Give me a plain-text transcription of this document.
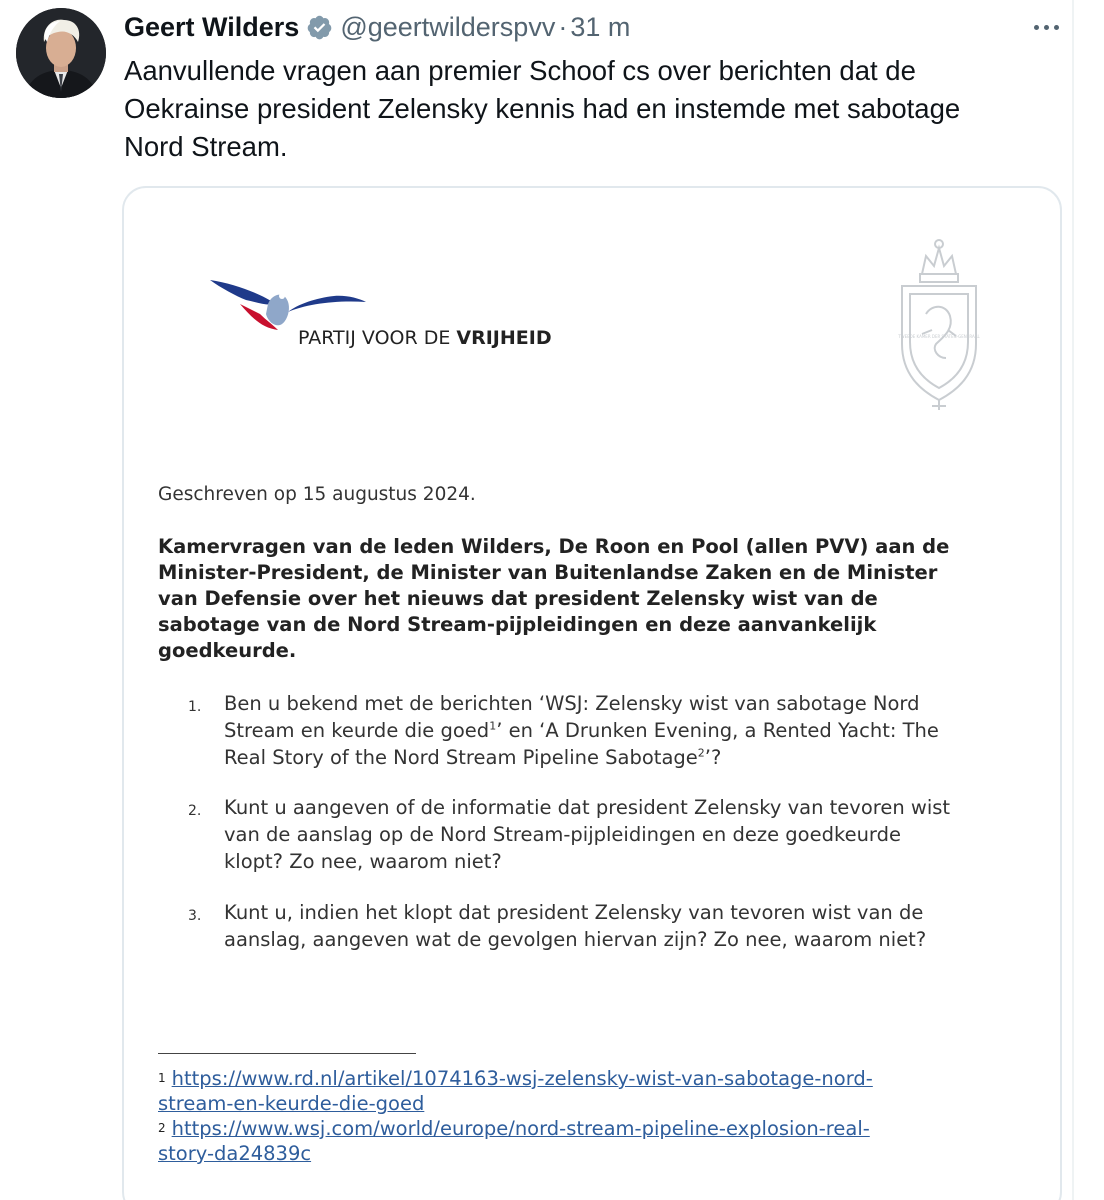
Geert Wilders @geertwilderspvv · 31 m
Aanvullende vragen aan premier Schoof cs over berichten dat de
Oekrainse president Zelensky kennis had en instemde met sabotage
Nord Stream.
PARTIJ VOOR DE VRIJHEID	TWEEDE KAMER DER STATEN-GENERAAL
Geschreven op 15 augustus 2024.
Kamervragen van de leden Wilders, De Roon en Pool (allen PVV) aan de
Minister-President, de Minister van Buitenlandse Zaken en de Minister
van Defensie over het nieuws dat president Zelensky wist van de
sabotage van de Nord Stream-pijpleidingen en deze aanvankelijk
goedkeurde.
1. Ben u bekend met de berichten ‘WSJ: Zelensky wist van sabotage Nord
Stream en keurde die goed$^1$’ en ‘A Drunken Evening, a Rented Yacht: The
Real Story of the Nord Stream Pipeline Sabotage$^2$’?
2. Kunt u aangeven of de informatie dat president Zelensky van tevoren wist
van de aanslag op de Nord Stream-pijpleidingen en deze goedkeurde
klopt? Zo nee, waarom niet?
3. Kunt u, indien het klopt dat president Zelensky van tevoren wist van de
aanslag, aangeven wat de gevolgen hiervan zijn? Zo nee, waarom niet?
$^1$ https://www.rd.nl/artikel/1074163-wsj-zelensky-wist-van-sabotage-nord-
stream-en-keurde-die-goed
$^2$ https://www.wsj.com/world/europe/nord-stream-pipeline-explosion-real-
story-da24839c
